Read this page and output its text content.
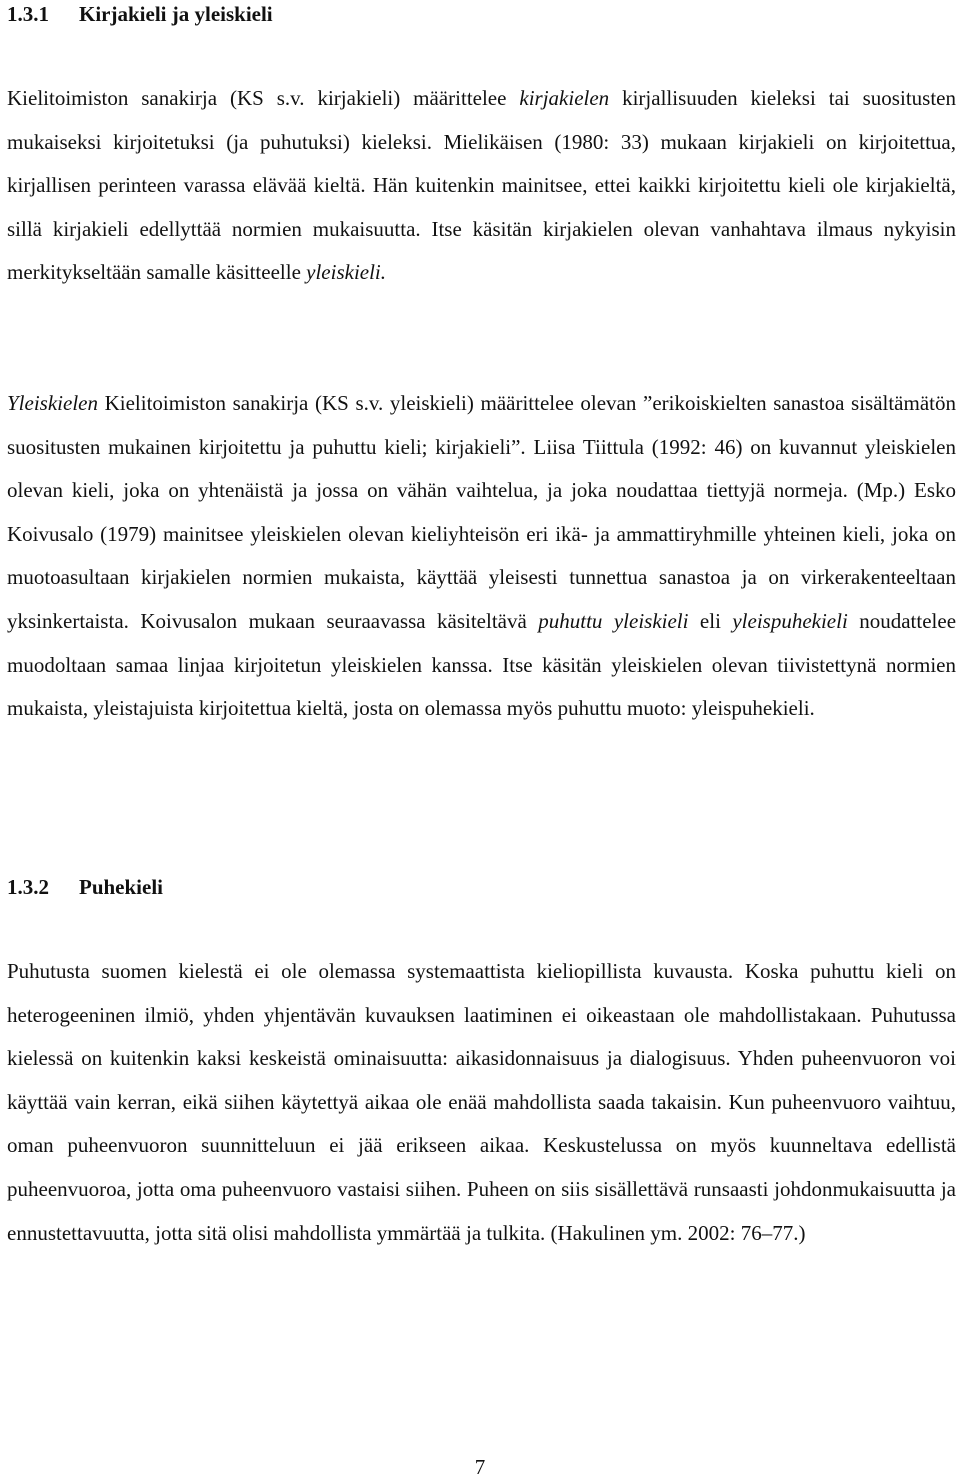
1.3.1 Kirjakieli ja yleiskieli

Kielitoimiston sanakirja (KS s.v. kirjakieli) määrittelee kirjakielen kirjallisuuden kieleksi tai suositusten mukaiseksi kirjoitetuksi (ja puhutuksi) kieleksi. Mielikäisen (1980: 33) mukaan kirjakieli on kirjoitettua, kirjallisen perinteen varassa elävää kieltä. Hän kuitenkin mainitsee, ettei kaikki kirjoitettu kieli ole kirjakieltä, sillä kirjakieli edellyttää normien mukaisuutta. Itse käsitän kirjakielen olevan vanhahtava ilmaus nykyisin merkitykseltään samalle käsitteelle yleiskieli.

Yleiskielen Kielitoimiston sanakirja (KS s.v. yleiskieli) määrittelee olevan ”erikoiskielten sanastoa sisältämätön suositusten mukainen kirjoitettu ja puhuttu kieli; kirjakieli”. Liisa Tiittula (1992: 46) on kuvannut yleiskielen olevan kieli, joka on yhtenäistä ja jossa on vähän vaihtelua, ja joka noudattaa tiettyjä normeja. (Mp.) Esko Koivusalo (1979) mainitsee yleiskielen olevan kieliyhteisön eri ikä- ja ammattiryhmille yhteinen kieli, joka on muotoasultaan kirjakielen normien mukaista, käyttää yleisesti tunnettua sanastoa ja on virkerakenteeltaan yksinkertaista. Koivusalon mukaan seuraavassa käsiteltävä puhuttu yleiskieli eli yleispuhekieli noudattelee muodoltaan samaa linjaa kirjoitetun yleiskielen kanssa. Itse käsitän yleiskielen olevan tiivistettynä normien mukaista, yleistajuista kirjoitettua kieltä, josta on olemassa myös puhuttu muoto: yleispuhekieli.

1.3.2 Puhekieli

Puhutusta suomen kielestä ei ole olemassa systemaattista kieliopillista kuvausta. Koska puhuttu kieli on heterogeeninen ilmiö, yhden yhjentävän kuvauksen laatiminen ei oikeastaan ole mahdollistakaan. Puhutussa kielessä on kuitenkin kaksi keskeistä ominaisuutta: aikasidonnaisuus ja dialogisuus. Yhden puheenvuoron voi käyttää vain kerran, eikä siihen käytettyä aikaa ole enää mahdollista saada takaisin. Kun puheenvuoro vaihtuu, oman puheenvuoron suunnitteluun ei jää erikseen aikaa. Keskustelussa on myös kuunneltava edellistä puheenvuoroa, jotta oma puheenvuoro vastaisi siihen. Puheen on siis sisällettävä runsaasti johdonmukaisuutta ja ennustettavuutta, jotta sitä olisi mahdollista ymmärtää ja tulkita. (Hakulinen ym. 2002: 76–77.)

7
